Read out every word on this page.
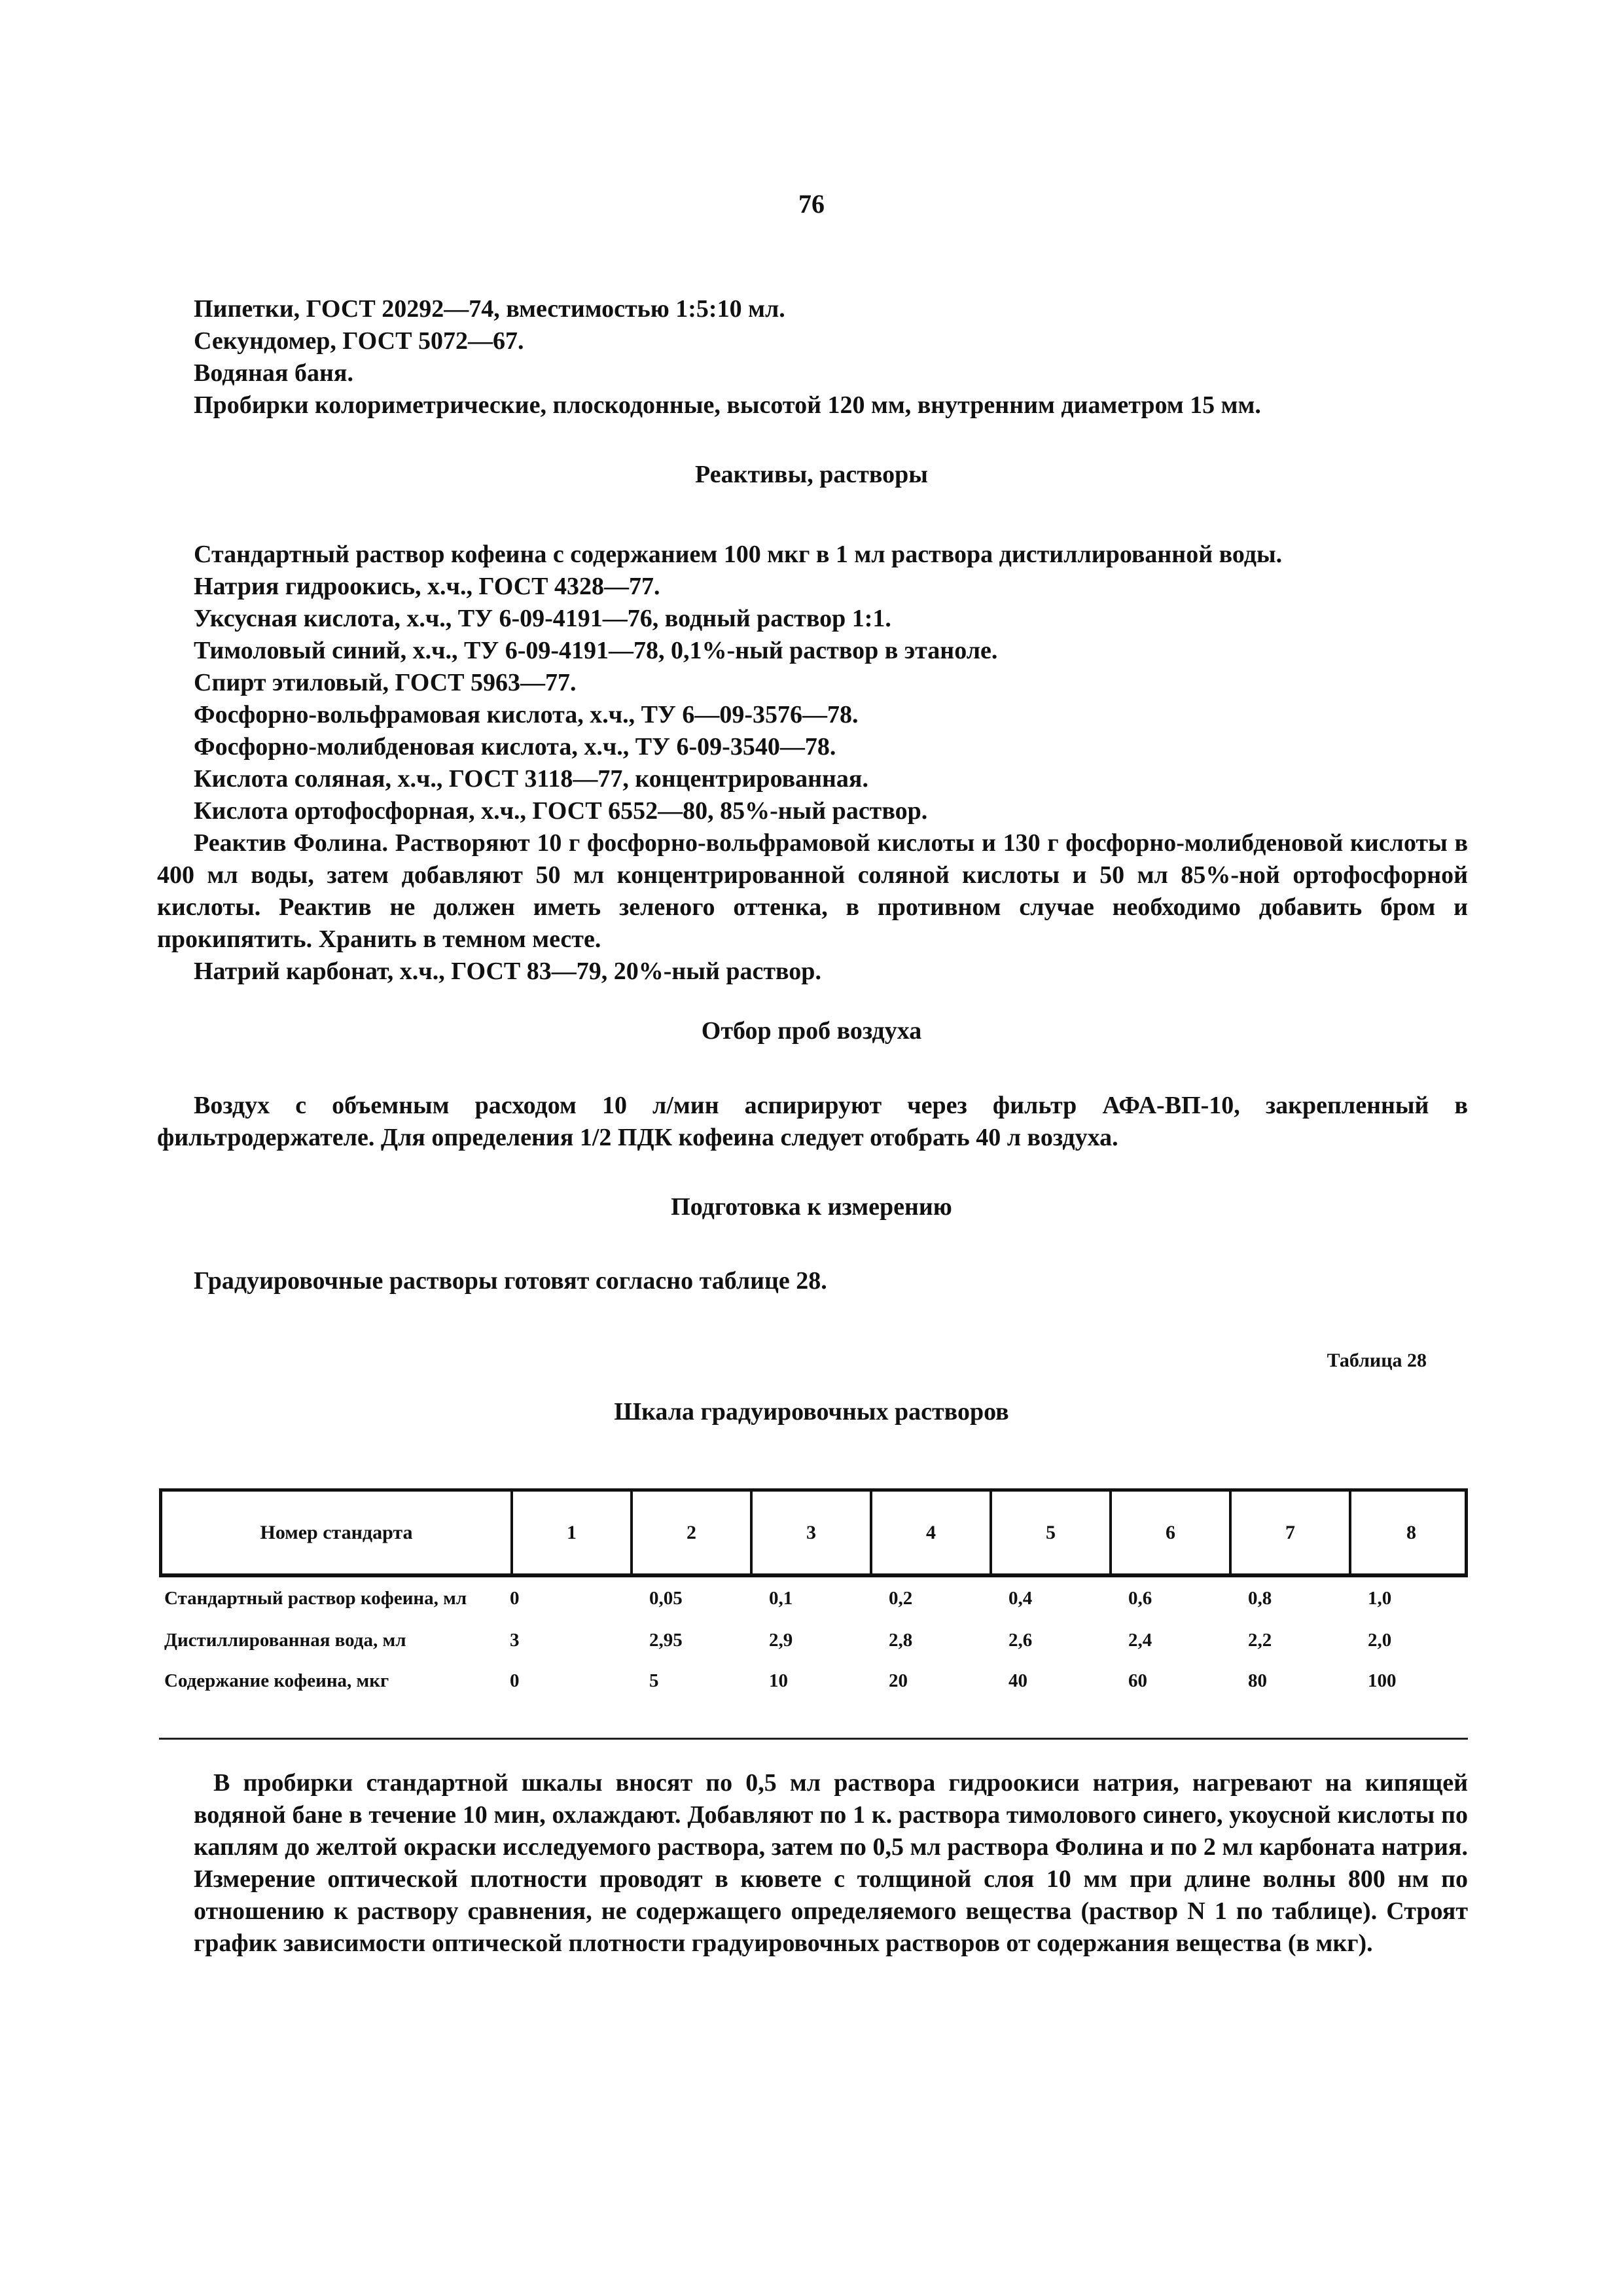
76

Пипетки, ГОСТ 20292—74, вместимостью 1:5:10 мл.

Секундомер, ГОСТ 5072—67.

Водяная баня.

Пробирки колориметрические, плоскодонные, высотой 120 мм, внутренним диаметром 15 мм.

Реактивы, растворы

Стандартный раствор кофеина с содержанием 100 мкг в 1 мл раствора дистиллированной воды.

Натрия гидроокись, х.ч., ГОСТ 4328—77.

Уксусная кислота, х.ч., ТУ 6-09-4191—76, водный раствор 1:1.

Тимоловый синий, х.ч., ТУ 6-09-4191—78, 0,1%-ный раствор в этаноле.

Спирт этиловый, ГОСТ 5963—77.

Фосфорно-вольфрамовая кислота, х.ч., ТУ 6—09-3576—78.

Фосфорно-молибденовая кислота, х.ч., ТУ 6-09-3540—78.

Кислота соляная, х.ч., ГОСТ 3118—77, концентрированная.

Кислота ортофосфорная, х.ч., ГОСТ 6552—80, 85%-ный раствор.

Реактив Фолина. Растворяют 10 г фосфорно-вольфрамовой кислоты и 130 г фосфорно-молибденовой кислоты в 400 мл воды, затем добавляют 50 мл концентрированной соляной кислоты и 50 мл 85%-ной ортофосфорной кислоты. Реактив не должен иметь зеленого оттенка, в противном случае необходимо добавить бром и прокипятить. Хранить в темном месте.

Натрий карбонат, х.ч., ГОСТ 83—79, 20%-ный раствор.

Отбор проб воздуха

Воздух с объемным расходом 10 л/мин аспирируют через фильтр АФА-ВП-10, закрепленный в фильтродержателе. Для определения 1/2 ПДК кофеина следует отобрать 40 л воздуха.

Подготовка к измерению

Градуировочные растворы готовят согласно таблице 28.

Таблица 28
Шкала градуировочных растворов
Номер стандарта	1	2	3	4	5	6	7	8
Стандартный раствор кофеина, мл	0	0,05	0,1	0,2	0,4	0,6	0,8	1,0
Дистиллированная вода, мл	3	2,95	2,9	2,8	2,6	2,4	2,2	2,0
Содержание кофеина, мкг	0	5	10	20	40	60	80	100

В пробирки стандартной шкалы вносят по 0,5 мл раствора гидроокиси натрия, нагревают на кипящей водяной бане в течение 10 мин, охлаждают. Добавляют по 1 к. раствора тимолового синего, укоусной кислоты по каплям до желтой окраски исследуемого раствора, затем по 0,5 мл раствора Фолина и по 2 мл карбоната натрия. Измерение оптической плотности проводят в кювете с толщиной слоя 10 мм при длине волны 800 нм по отношению к раствору сравнения, не содержащего определяемого вещества (раствор N 1 по таблице). Строят график зависимости оптической плотности градуировочных растворов от содержания вещества (в мкг).
